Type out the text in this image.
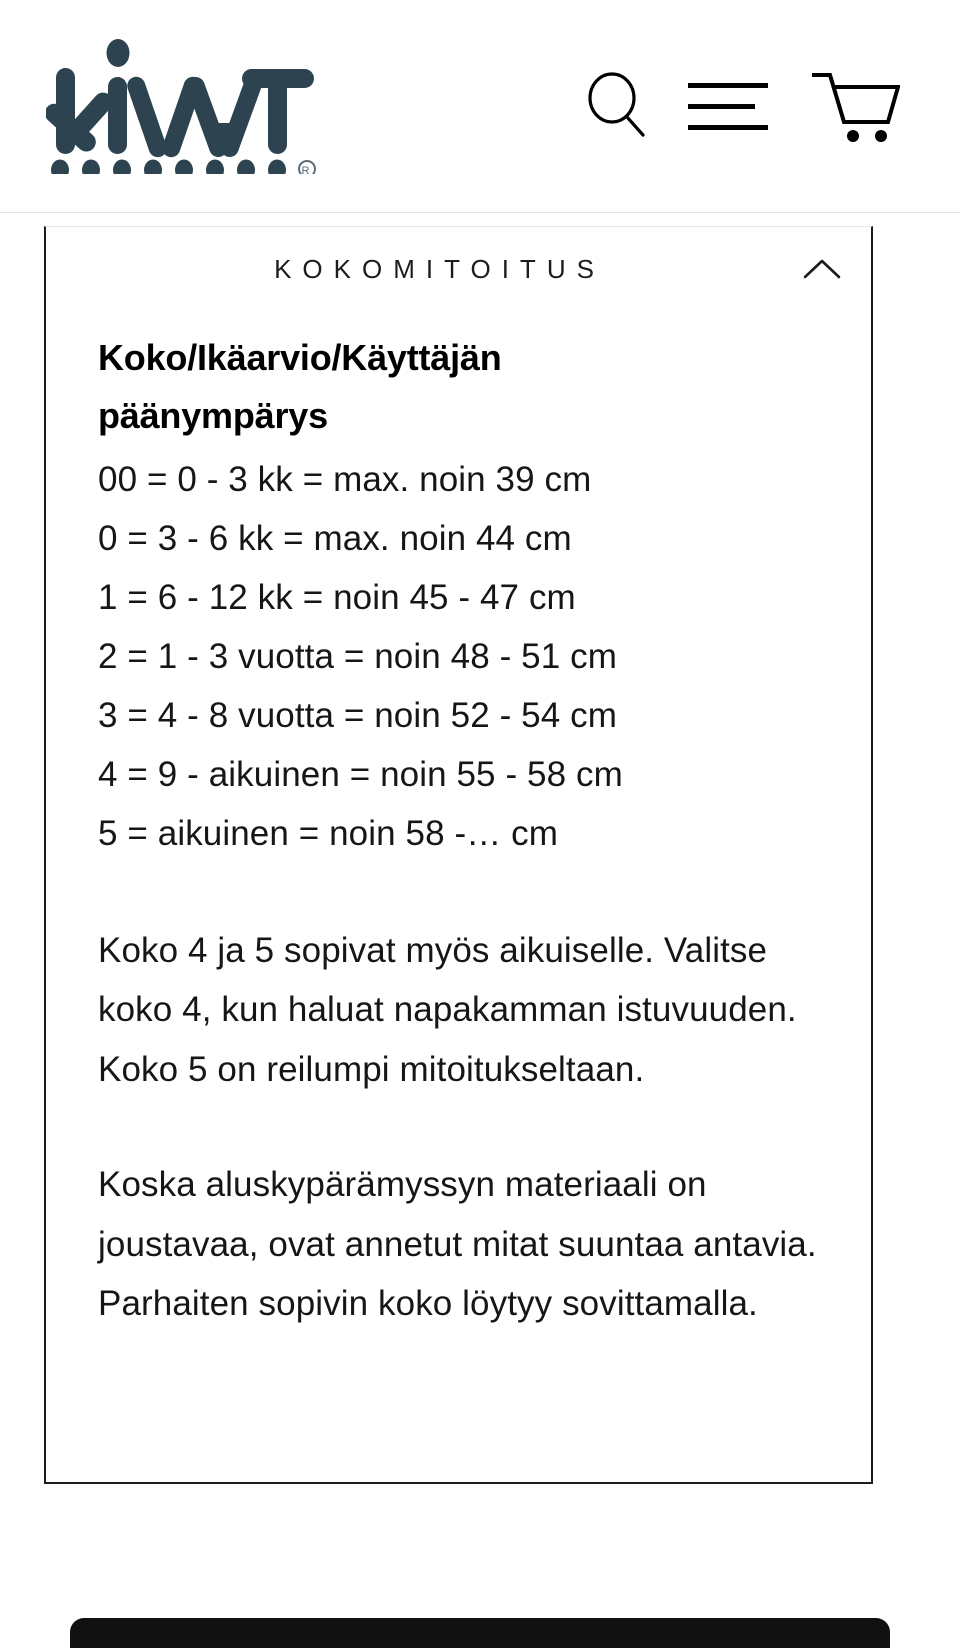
R
KOKOMITOITUS
Koko/Ikäarvio/Käyttäjän päänympärys
00 = 0 - 3 kk = max. noin 39 cm
0 = 3 - 6 kk = max. noin 44 cm
1 = 6 - 12 kk = noin 45 - 47 cm
2 = 1 - 3 vuotta = noin 48 - 51 cm
3 = 4 - 8 vuotta = noin 52 - 54 cm
4 = 9 - aikuinen = noin 55 - 58 cm
5 = aikuinen = noin 58 -… cm

Koko 4 ja 5 sopivat myös aikuiselle. Valitse koko 4, kun haluat napakamman istuvuuden. Koko 5 on reilumpi mitoitukseltaan.

Koska aluskypärämyssyn materiaali on joustavaa, ovat annetut mitat suuntaa antavia. Parhaiten sopivin koko löytyy sovittamalla.
